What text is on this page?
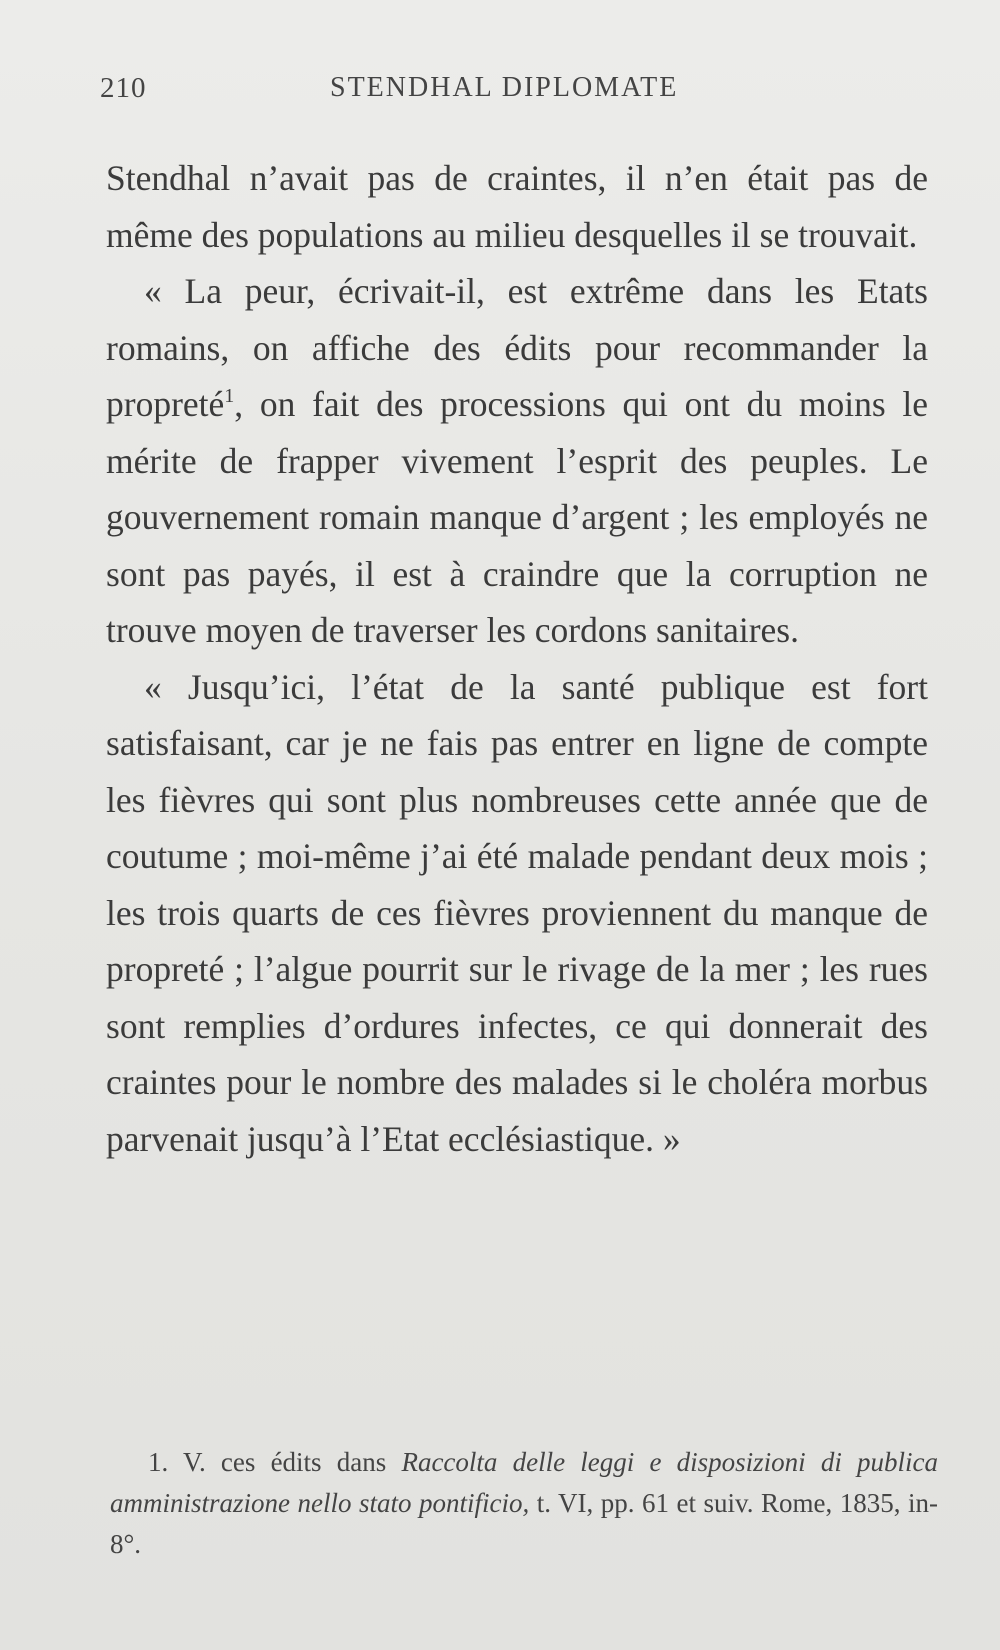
210	STENDHAL DIPLOMATE

Stendhal n’avait pas de craintes, il n’en était pas de même des populations au milieu desquelles il se trouvait.

« La peur, écrivait-il, est extrême dans les Etats romains, on affiche des édits pour recommander la propreté$^1$, on fait des processions qui ont du moins le mérite de frapper vivement l’esprit des peuples. Le gouvernement romain manque d’argent ; les employés ne sont pas payés, il est à craindre que la corruption ne trouve moyen de traverser les cordons sanitaires.

« Jusqu’ici, l’état de la santé publique est fort satisfaisant, car je ne fais pas entrer en ligne de compte les fièvres qui sont plus nombreuses cette année que de coutume ; moi-même j’ai été malade pendant deux mois ; les trois quarts de ces fièvres proviennent du manque de propreté ; l’algue pourrit sur le rivage de la mer ; les rues sont remplies d’ordures infectes, ce qui donnerait des craintes pour le nombre des malades si le choléra morbus parvenait jusqu’à l’Etat ecclésiastique. »

1. V. ces édits dans Raccolta delle leggi e disposizioni di publica amministrazione nello stato pontificio, t. VI, pp. 61 et suiv. Rome, 1835, in-8°.
